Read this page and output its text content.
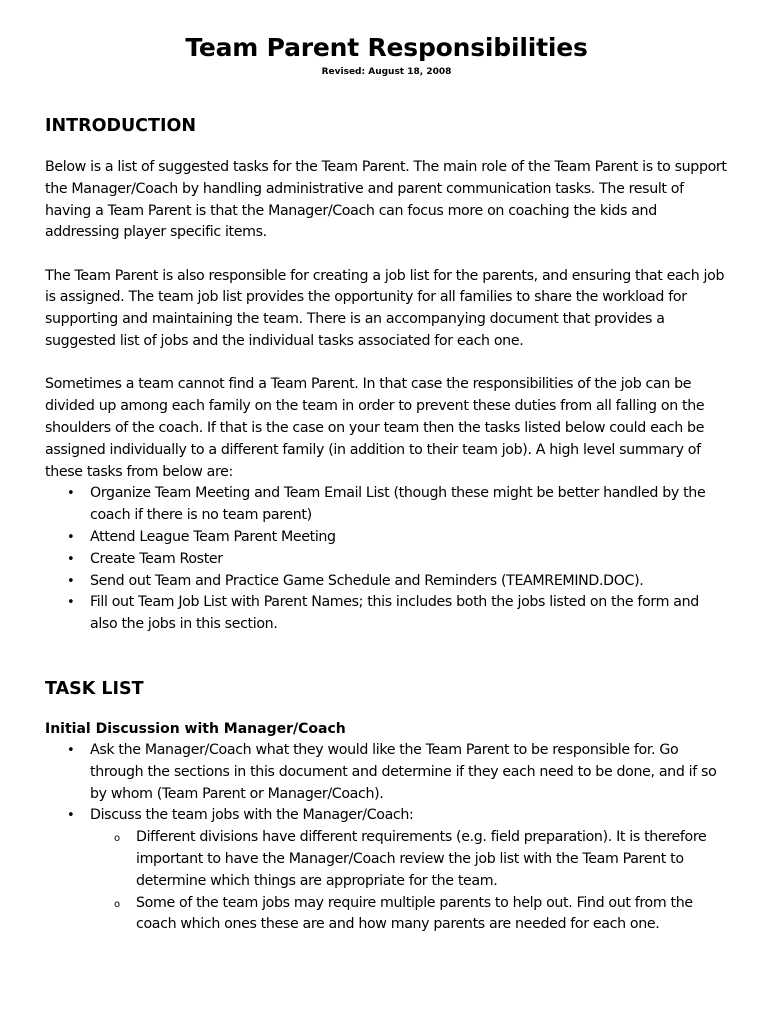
Team Parent Responsibilities

Revised: August 18, 2008

INTRODUCTION

Below is a list of suggested tasks for the Team Parent. The main role of the Team Parent is to support the Manager/Coach by handling administrative and parent communication tasks. The result of having a Team Parent is that the Manager/Coach can focus more on coaching the kids and addressing player specific items.

The Team Parent is also responsible for creating a job list for the parents, and ensuring that each job is assigned. The team job list provides the opportunity for all families to share the workload for supporting and maintaining the team. There is an accompanying document that provides a suggested list of jobs and the individual tasks associated for each one.

Sometimes a team cannot find a Team Parent. In that case the responsibilities of the job can be divided up among each family on the team in order to prevent these duties from all falling on the shoulders of the coach. If that is the case on your team then the tasks listed below could each be assigned individually to a different family (in addition to their team job). A high level summary of these tasks from below are:

• Organize Team Meeting and Team Email List (though these might be better handled by the coach if there is no team parent)
• Attend League Team Parent Meeting
• Create Team Roster
• Send out Team and Practice Game Schedule and Reminders (TEAMREMIND.DOC).
• Fill out Team Job List with Parent Names; this includes both the jobs listed on the form and also the jobs in this section.
TASK LIST
Initial Discussion with Manager/Coach
• Ask the Manager/Coach what they would like the Team Parent to be responsible for. Go through the sections in this document and determine if they each need to be done, and if so by whom (Team Parent or Manager/Coach).
• Discuss the team jobs with the Manager/Coach:
o Different divisions have different requirements (e.g. field preparation). It is therefore important to have the Manager/Coach review the job list with the Team Parent to determine which things are appropriate for the team.
o Some of the team jobs may require multiple parents to help out. Find out from the coach which ones these are and how many parents are needed for each one.
